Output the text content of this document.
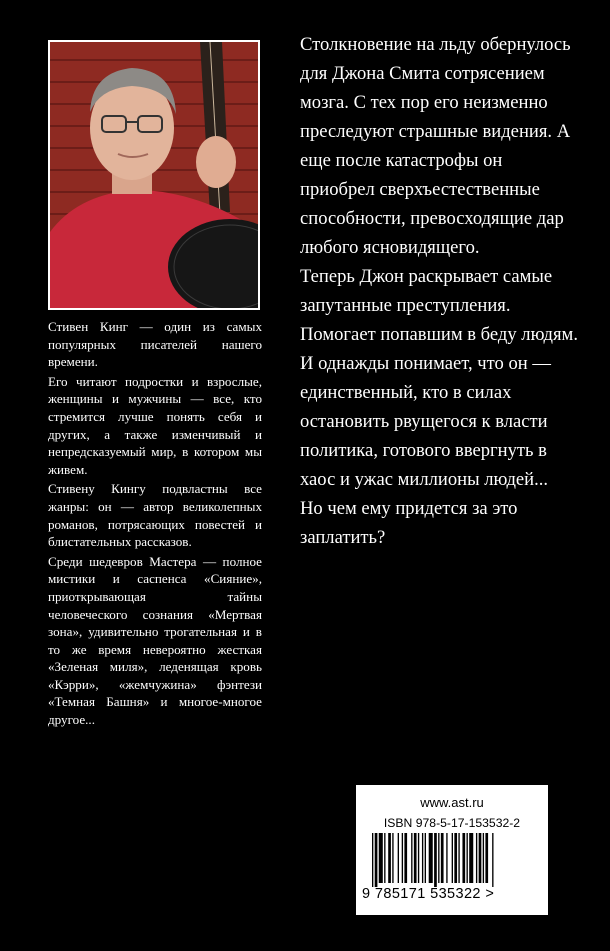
Стивен Кинг — один из самых популярных писателей нашего времени.

Его читают подростки и взрослые, женщины и мужчины — все, кто стремится лучше понять себя и других, а также изменчивый и непредсказуемый мир, в котором мы живем.

Стивену Кингу подвластны все жанры: он — автор великолепных романов, потрясающих повестей и блистательных рассказов.

Среди шедевров Мастера — полное мистики и саспенса «Сияние», приоткрывающая тайны человеческого сознания «Мертвая зона», удивительно трогательная и в то же время невероятно жесткая «Зеленая миля», леденящая кровь «Кэрри», «жемчужина» фэнтези «Темная Башня» и многое-многое другое...

Столкновение на льду обернулось для Джона Смита сотрясением мозга. С тех пор его неизменно преследуют страшные видения. А еще после катастрофы он приобрел сверхъестественные способности, превосходящие дар любого ясновидящего.

Теперь Джон раскрывает самые запутанные преступления. Помогает попавшим в беду людям.

И однажды понимает, что он — единственный, кто в силах остановить рвущегося к власти политика, готового ввергнуть в хаос и ужас миллионы людей...

Но чем ему придется за это заплатить?

www.ast.ru
ISBN 978-5-17-153532-2
9 785171 535322 >
